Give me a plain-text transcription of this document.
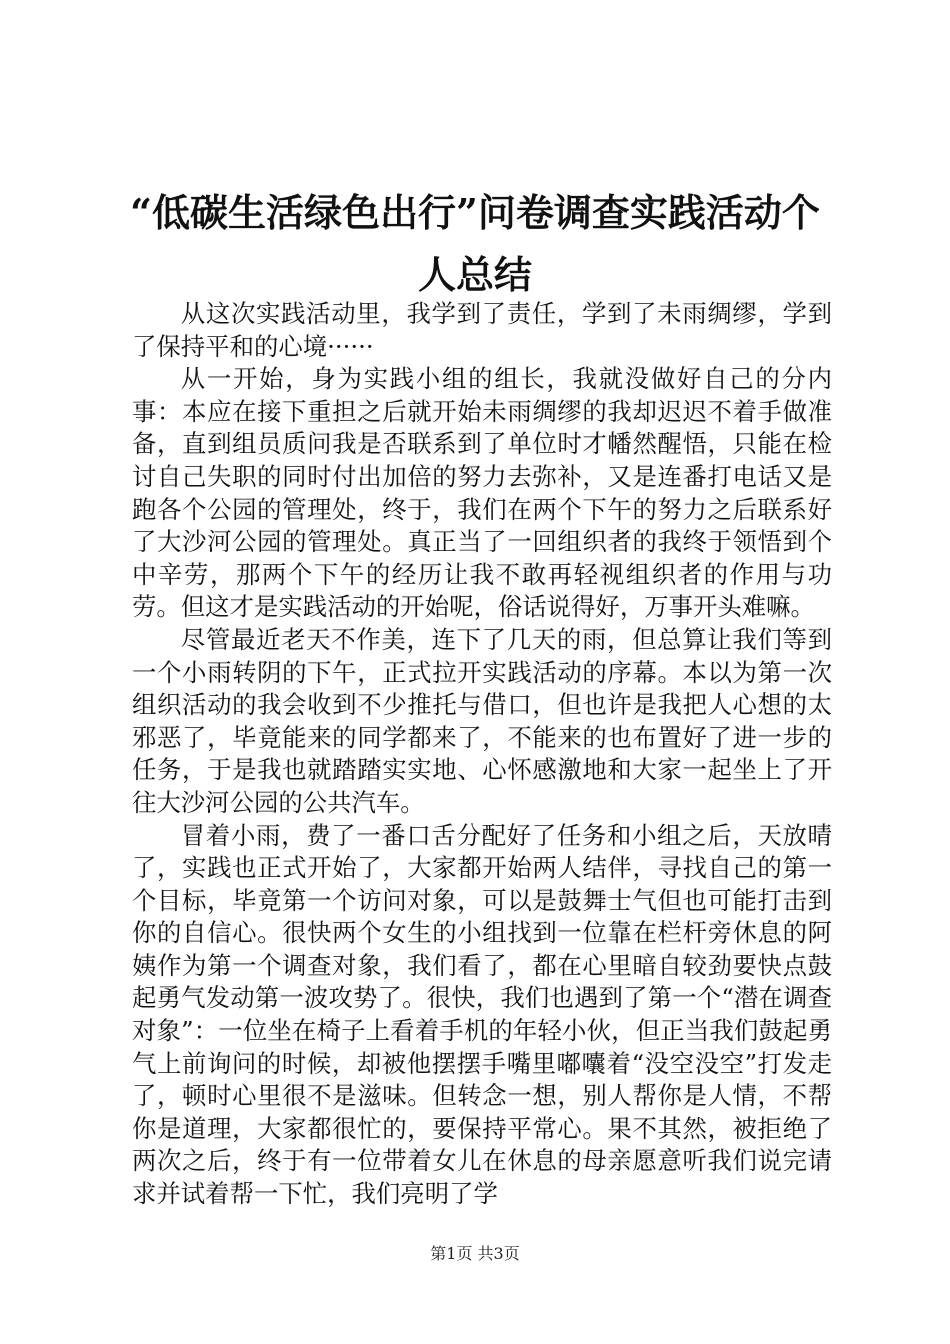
“低碳生活绿色出行”问卷调查实践活动个人总结

从这次实践活动里，我学到了责任，学到了未雨绸缪，学到了保持平和的心境······

从一开始，身为实践小组的组长，我就没做好自己的分内事：本应在接下重担之后就开始未雨绸缪的我却迟迟不着手做准备，直到组员质问我是否联系到了单位时才幡然醒悟，只能在检讨自己失职的同时付出加倍的努力去弥补，又是连番打电话又是跑各个公园的管理处，终于，我们在两个下午的努力之后联系好了大沙河公园的管理处。真正当了一回组织者的我终于领悟到个中辛劳，那两个下午的经历让我不敢再轻视组织者的作用与功劳。但这才是实践活动的开始呢，俗话说得好，万事开头难嘛。

尽管最近老天不作美，连下了几天的雨，但总算让我们等到一个小雨转阴的下午，正式拉开实践活动的序幕。本以为第一次组织活动的我会收到不少推托与借口，但也许是我把人心想的太邪恶了，毕竟能来的同学都来了，不能来的也布置好了进一步的任务，于是我也就踏踏实实地、心怀感激地和大家一起坐上了开往大沙河公园的公共汽车。

冒着小雨，费了一番口舌分配好了任务和小组之后，天放晴了，实践也正式开始了，大家都开始两人结伴，寻找自己的第一个目标，毕竟第一个访问对象，可以是鼓舞士气但也可能打击到你的自信心。很快两个女生的小组找到一位靠在栏杆旁休息的阿姨作为第一个调查对象，我们看了，都在心里暗自较劲要快点鼓起勇气发动第一波攻势了。很快，我们也遇到了第一个“潜在调查对象”：一位坐在椅子上看着手机的年轻小伙，但正当我们鼓起勇气上前询问的时候，却被他摆摆手嘴里嘟囔着“没空没空”打发走了，顿时心里很不是滋味。但转念一想，别人帮你是人情，不帮你是道理，大家都很忙的，要保持平常心。果不其然，被拒绝了两次之后，终于有一位带着女儿在休息的母亲愿意听我们说完请求并试着帮一下忙，我们亮明了学

第1页 共3页
